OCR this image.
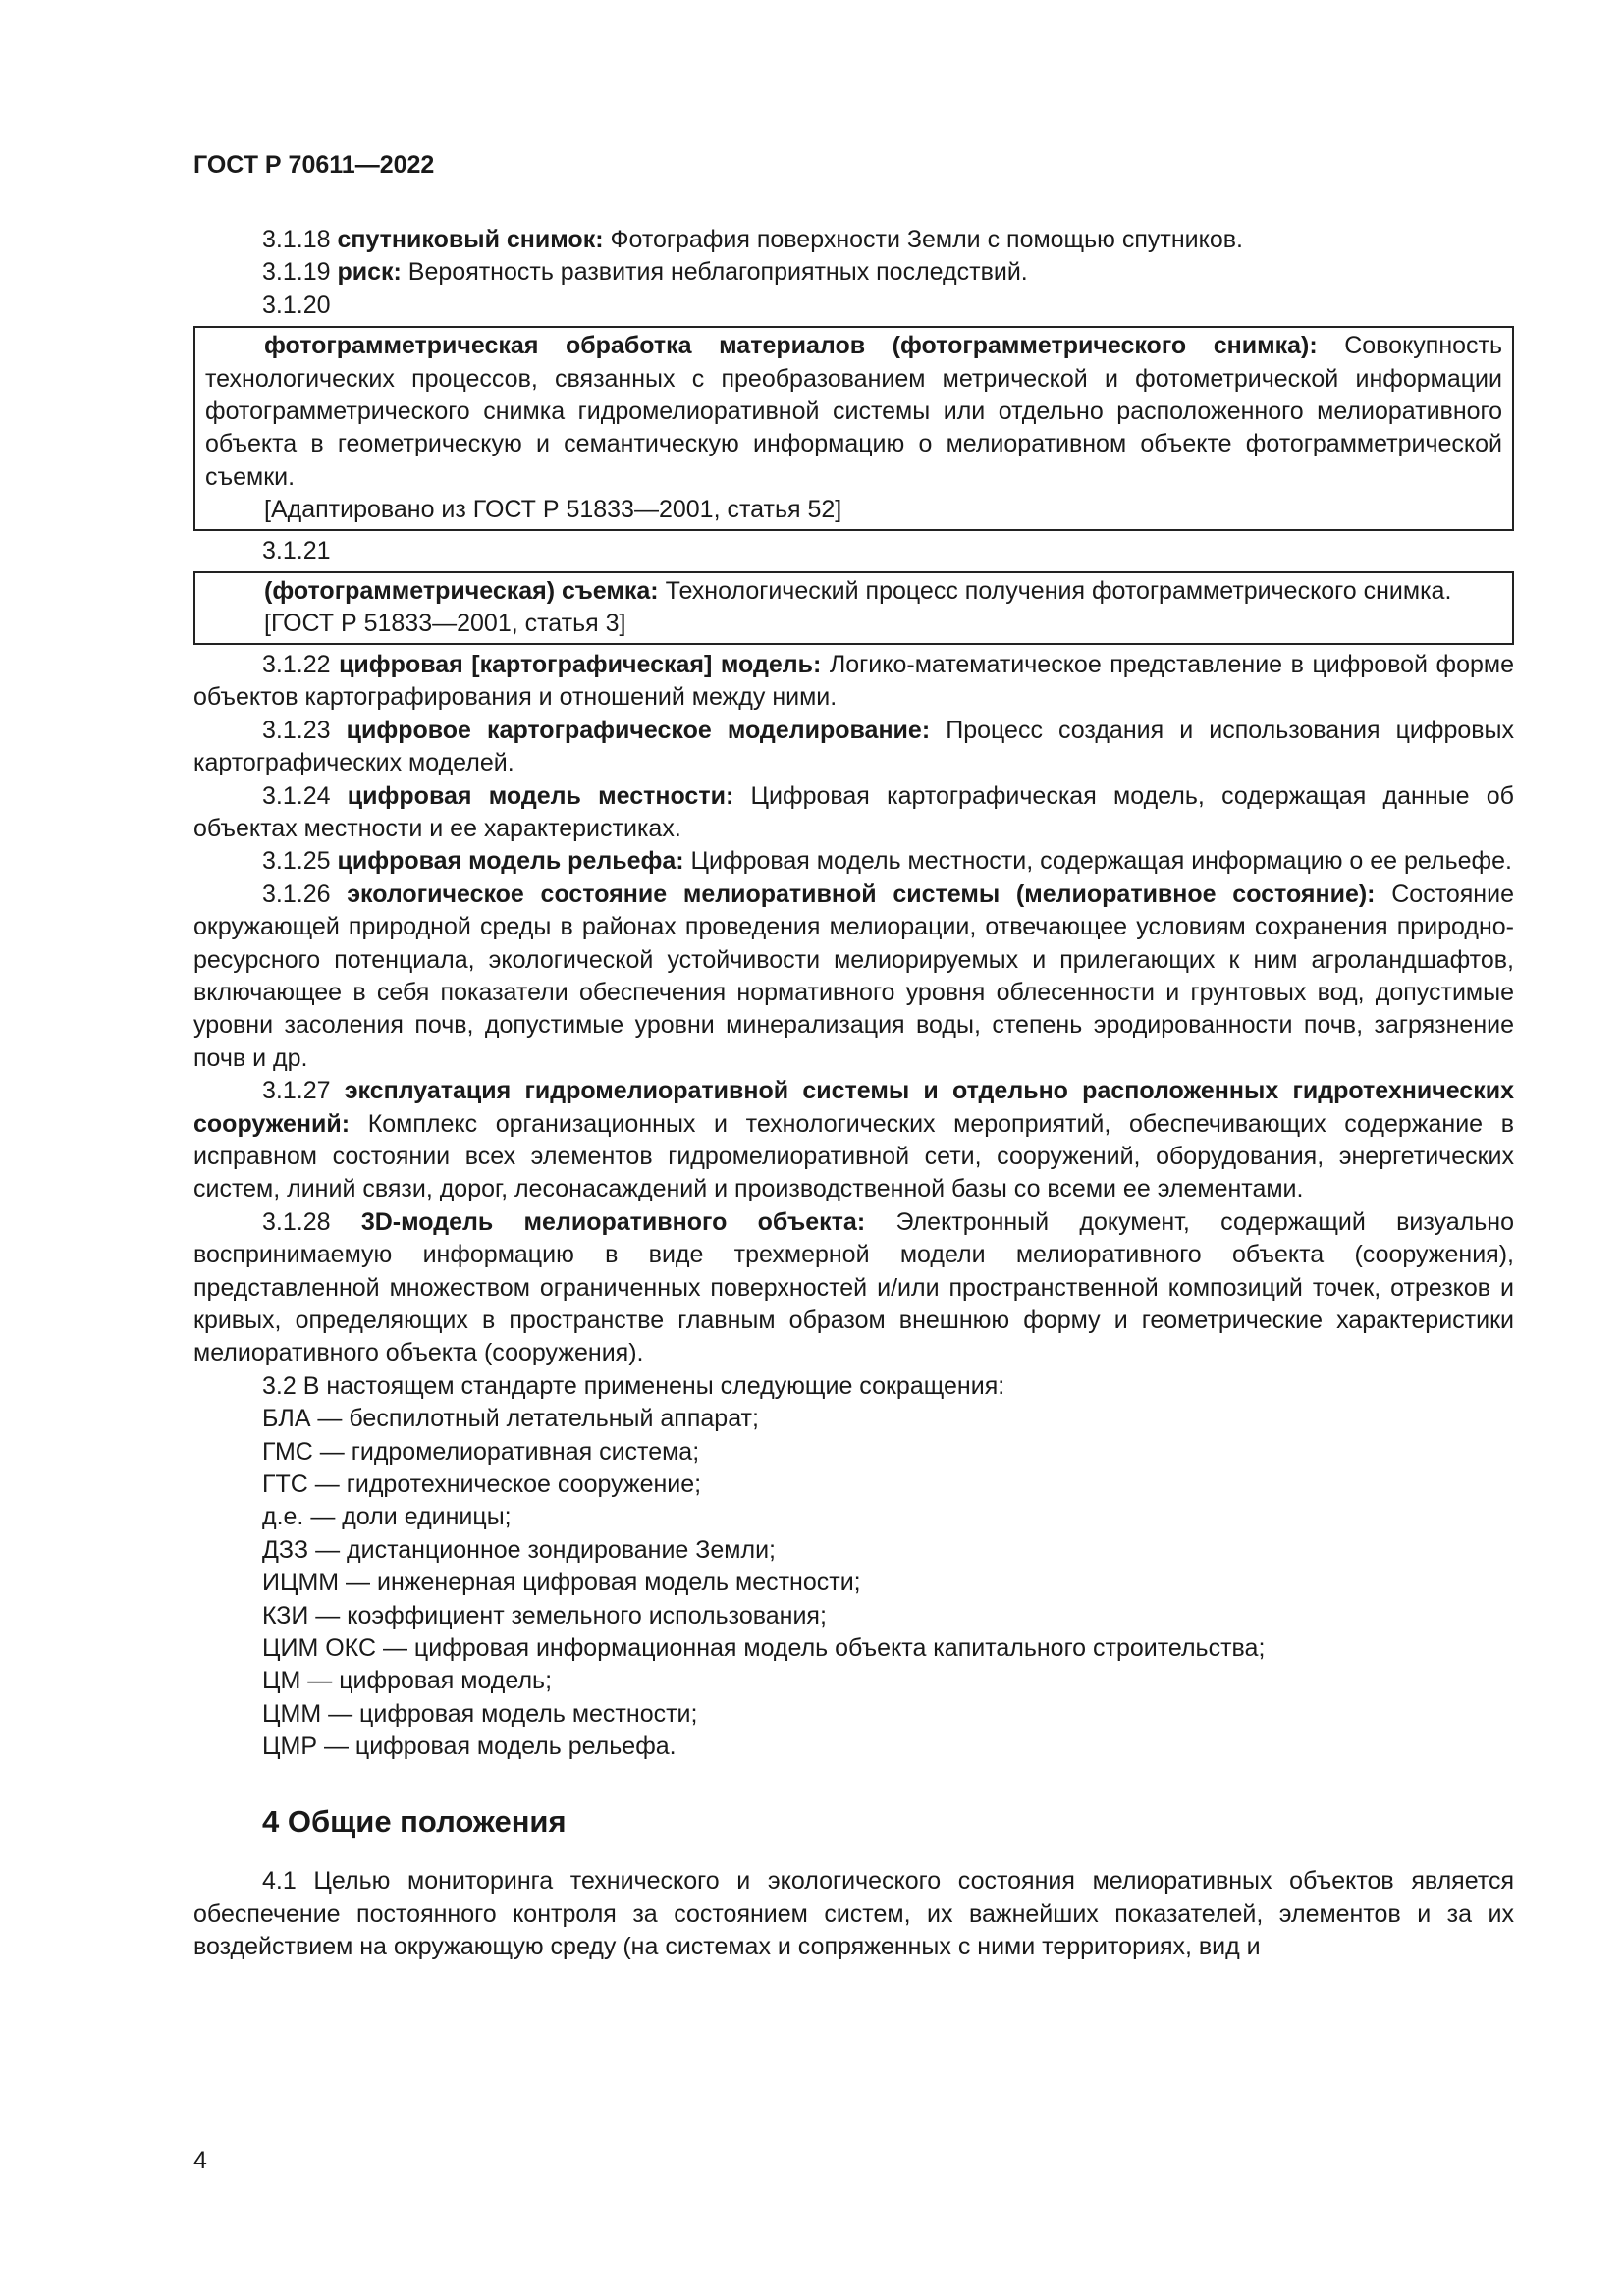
ГОСТ Р 70611—2022

3.1.18 спутниковый снимок: Фотография поверхности Земли с помощью спутников.

3.1.19 риск: Вероятность развития неблагоприятных последствий.

3.1.20

фотограмметрическая обработка материалов (фотограмметрического снимка): Совокупность технологических процессов, связанных с преобразованием метрической и фотометрической информации фотограмметрического снимка гидромелиоративной системы или отдельно расположенного мелиоративного объекта в геометрическую и семантическую информацию о мелиоративном объекте фотограмметрической съемки.

[Адаптировано из ГОСТ Р 51833—2001, статья 52]

3.1.21

(фотограмметрическая) съемка: Технологический процесс получения фотограмметрического снимка.

[ГОСТ Р 51833—2001, статья 3]

3.1.22 цифровая [картографическая] модель: Логико-математическое представление в цифровой форме объектов картографирования и отношений между ними.

3.1.23 цифровое картографическое моделирование: Процесс создания и использования цифровых картографических моделей.

3.1.24 цифровая модель местности: Цифровая картографическая модель, содержащая данные об объектах местности и ее характеристиках.

3.1.25 цифровая модель рельефа: Цифровая модель местности, содержащая информацию о ее рельефе.

3.1.26 экологическое состояние мелиоративной системы (мелиоративное состояние): Состояние окружающей природной среды в районах проведения мелиорации, отвечающее условиям сохранения природно-ресурсного потенциала, экологической устойчивости мелиорируемых и прилегающих к ним агроландшафтов, включающее в себя показатели обеспечения нормативного уровня облесенности и грунтовых вод, допустимые уровни засоления почв, допустимые уровни минерализация воды, степень эродированности почв, загрязнение почв и др.

3.1.27 эксплуатация гидромелиоративной системы и отдельно расположенных гидротехнических сооружений: Комплекс организационных и технологических мероприятий, обеспечивающих содержание в исправном состоянии всех элементов гидромелиоративной сети, сооружений, оборудования, энергетических систем, линий связи, дорог, лесонасаждений и производственной базы со всеми ее элементами.

3.1.28 3D-модель мелиоративного объекта: Электронный документ, содержащий визуально воспринимаемую информацию в виде трехмерной модели мелиоративного объекта (сооружения), представленной множеством ограниченных поверхностей и/или пространственной композиций точек, отрезков и кривых, определяющих в пространстве главным образом внешнюю форму и геометрические характеристики мелиоративного объекта (сооружения).

3.2 В настоящем стандарте применены следующие сокращения:

БЛА — беспилотный летательный аппарат;

ГМС — гидромелиоративная система;

ГТС — гидротехническое сооружение;

д.е. — доли единицы;

ДЗЗ — дистанционное зондирование Земли;

ИЦММ — инженерная цифровая модель местности;

КЗИ — коэффициент земельного использования;

ЦИМ ОКС — цифровая информационная модель объекта капитального строительства;

ЦМ — цифровая модель;

ЦММ — цифровая модель местности;

ЦМР — цифровая модель рельефа.

4 Общие положения

4.1 Целью мониторинга технического и экологического состояния мелиоративных объектов является обеспечение постоянного контроля за состоянием систем, их важнейших показателей, элементов и за их воздействием на окружающую среду (на системах и сопряженных с ними территориях, вид и

4
